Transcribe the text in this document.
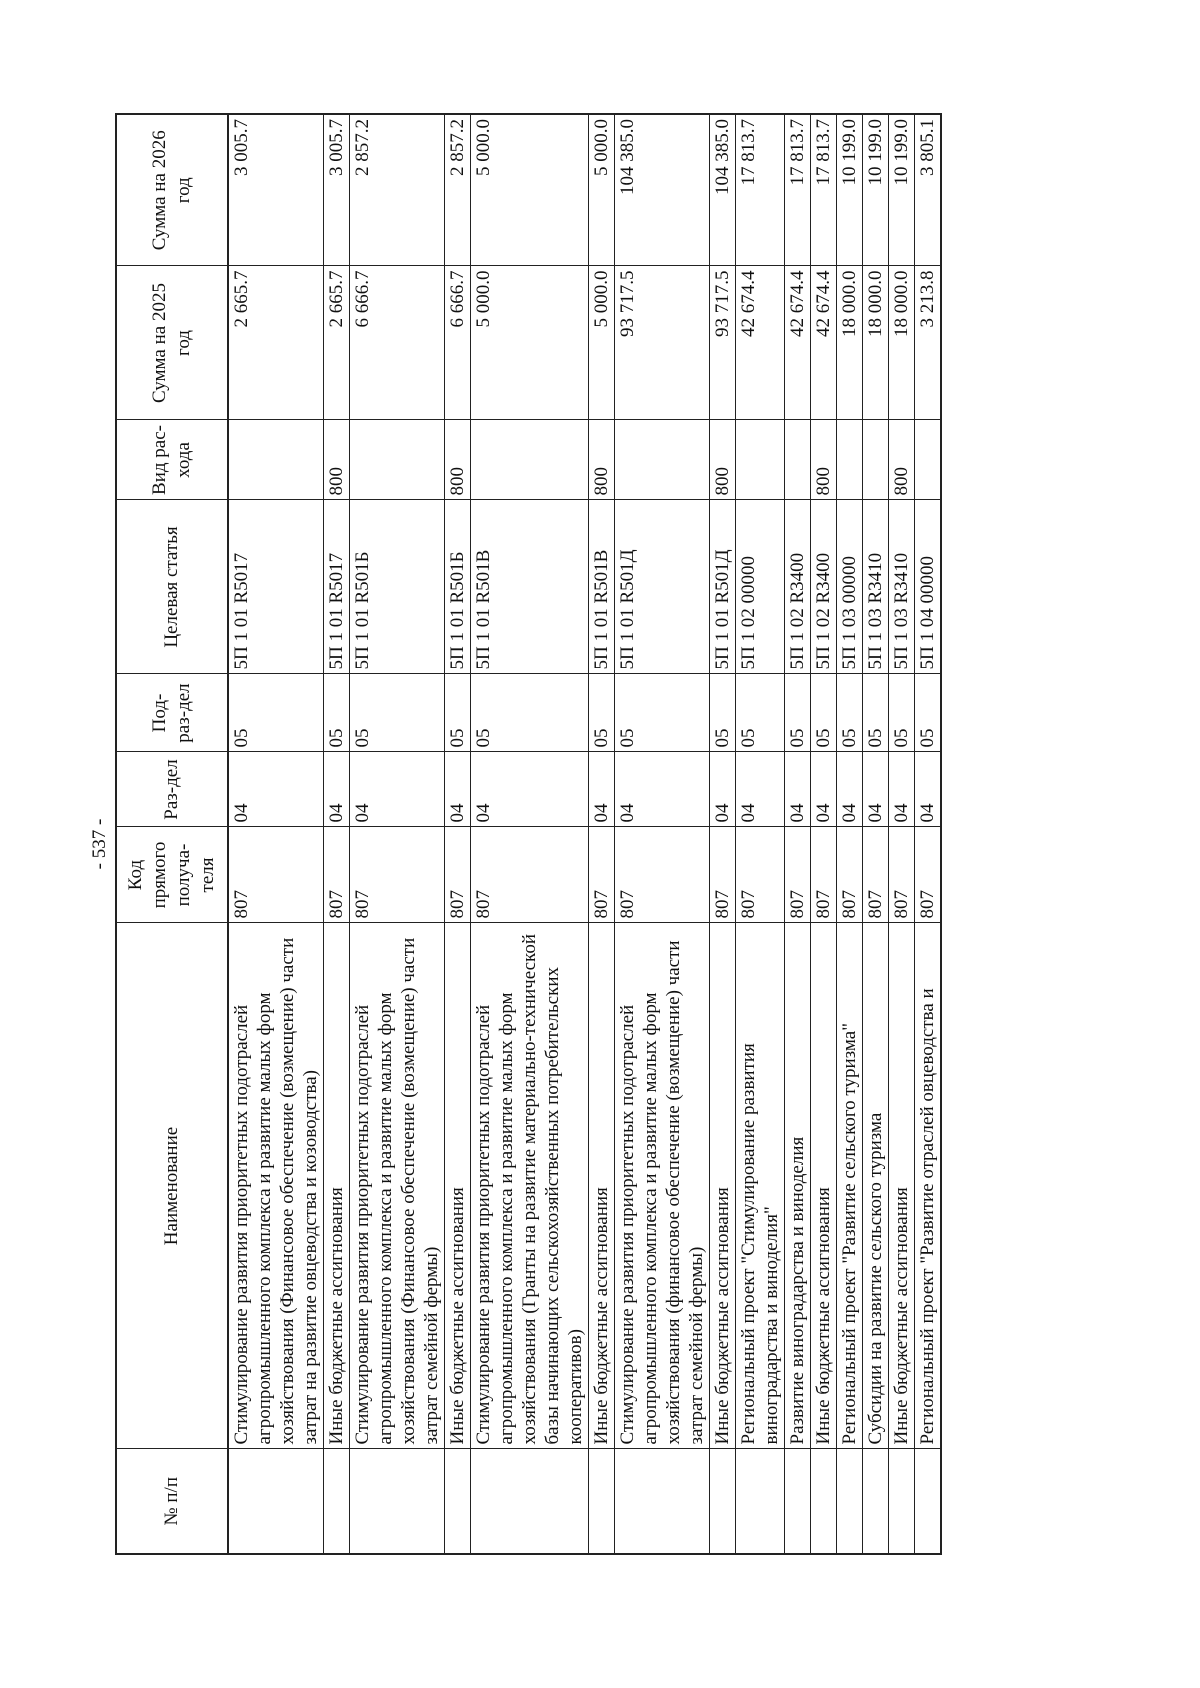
- 537 -
№ п/п	Наименование	Код прямого получа-теля	Раз-дел	Под-раз-дел	Целевая статья	Вид рас-хода	Сумма на 2025 год	Сумма на 2026 год
	Стимулирование развития приоритетных подотраслей агропромышленного комплекса и развитие малых форм хозяйствования (Финансовое обеспечение (возмещение) части затрат на развитие овцеводства и козоводства)	807	04	05	5П 1 01 R5017		2 665.7	3 005.7
	Иные бюджетные ассигнования	807	04	05	5П 1 01 R5017	800	2 665.7	3 005.7
	Стимулирование развития приоритетных подотраслей агропромышленного комплекса и развитие малых форм хозяйствования (Финансовое обеспечение (возмещение) части затрат семейной фермы)	807	04	05	5П 1 01 R501Б		6 666.7	2 857.2
	Иные бюджетные ассигнования	807	04	05	5П 1 01 R501Б	800	6 666.7	2 857.2
	Стимулирование развития приоритетных подотраслей агропромышленного комплекса и развитие малых форм хозяйствования (Гранты на развитие материально-технической базы начинающих сельскохозяйственных потребительских кооперативов)	807	04	05	5П 1 01 R501В		5 000.0	5 000.0
	Иные бюджетные ассигнования	807	04	05	5П 1 01 R501В	800	5 000.0	5 000.0
	Стимулирование развития приоритетных подотраслей агропромышленного комплекса и развитие малых форм хозяйствования (финансовое обеспечение (возмещение) части затрат семейной фермы)	807	04	05	5П 1 01 R501Д		93 717.5	104 385.0
	Иные бюджетные ассигнования	807	04	05	5П 1 01 R501Д	800	93 717.5	104 385.0
	Региональный проект "Стимулирование развития виноградарства и виноделия"	807	04	05	5П 1 02 00000		42 674.4	17 813.7
	Развитие виноградарства и виноделия	807	04	05	5П 1 02 R3400		42 674.4	17 813.7
	Иные бюджетные ассигнования	807	04	05	5П 1 02 R3400	800	42 674.4	17 813.7
	Региональный проект "Развитие сельского туризма"	807	04	05	5П 1 03 00000		18 000.0	10 199.0
	Субсидии на развитие сельского туризма	807	04	05	5П 1 03 R3410		18 000.0	10 199.0
	Иные бюджетные ассигнования	807	04	05	5П 1 03 R3410	800	18 000.0	10 199.0
	Региональный проект "Развитие отраслей овцеводства и	807	04	05	5П 1 04 00000		3 213.8	3 805.1
